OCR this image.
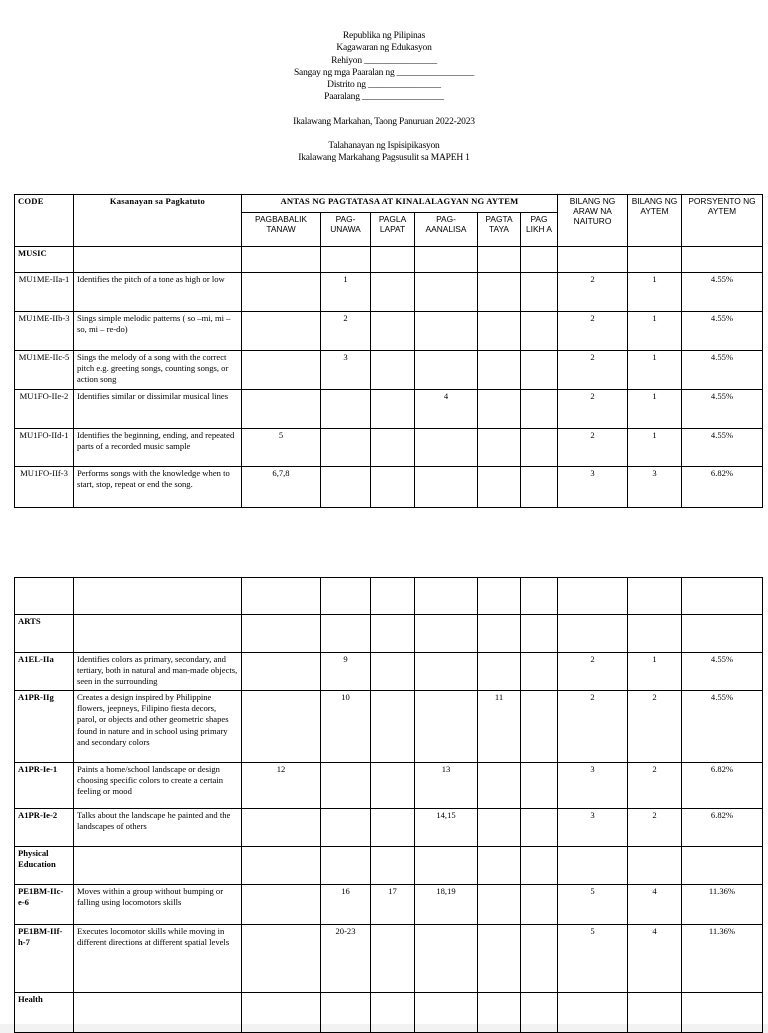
Republika ng Pilipinas
Kagawaran ng Edukasyon
Rehiyon ________________
Sangay ng mga Paaralan ng _________________
Distrito ng ________________
Paaralang __________________
Ikalawang Markahan, Taong Panuruan 2022-2023
Talahanayan ng Ispisipikasyon
Ikalawang Markahang Pagsusulit sa MAPEH 1
CODE	Kasanayan sa Pagkatuto	ANTAS NG PAGTATASA AT KINALALAGYAN NG AYTEM						BILANG NG ARAW NA NAITURO	BILANG NG AYTEM	PORSYENTO NG AYTEM
		PAGBABALIK TANAW	PAG-UNAWA	PAGLA LAPAT	PAG-AANALISA	PAGTA TAYA	PAG LIKH A			
MUSIC										
MU1ME-IIa-1	Identifies the pitch of a tone as high or low		1					2	1	4.55%
MU1ME-IIb-3	Sings simple melodic patterns ( so –mi, mi –so, mi – re-do)		2					2	1	4.55%
MU1ME-IIc-5	Sings the melody of a song with the correct pitch e.g. greeting songs, counting songs, or action song		3					2	1	4.55%
MU1FO-IIe-2	Identifies similar or dissimilar musical lines				4			2	1	4.55%
MU1FO-IId-1	Identifies the beginning, ending, and repeated parts of a recorded music sample	5						2	1	4.55%
MU1FO-IIf-3	Performs songs with the knowledge when to start, stop, repeat or end the song.	6,7,8						3	3	6.82%

ARTS										
A1EL-IIa	Identifies colors as primary, secondary, and tertiary, both in natural and man-made objects, seen in the surrounding		9					2	1	4.55%
A1PR-IIg	Creates a design inspired by Philippine flowers, jeepneys, Filipino fiesta decors, parol, or objects and other geometric shapes found in nature and in school using primary and secondary colors		10			11		2	2	4.55%
A1PR-Ie-1	Paints a home/school landscape or design choosing specific colors to create a certain feeling or mood	12			13			3	2	6.82%
A1PR-Ie-2	Talks about the landscape he painted and the landscapes of others				14,15			3	2	6.82%
Physical Education										
PE1BM-IIc-e-6	Moves within a group without bumping or falling using locomotors skills		16	17	18,19			5	4	11.36%
PE1BM-IIf-h-7	Executes locomotor skills while moving in different directions at different spatial levels		20-23					5	4	11.36%
Health										
